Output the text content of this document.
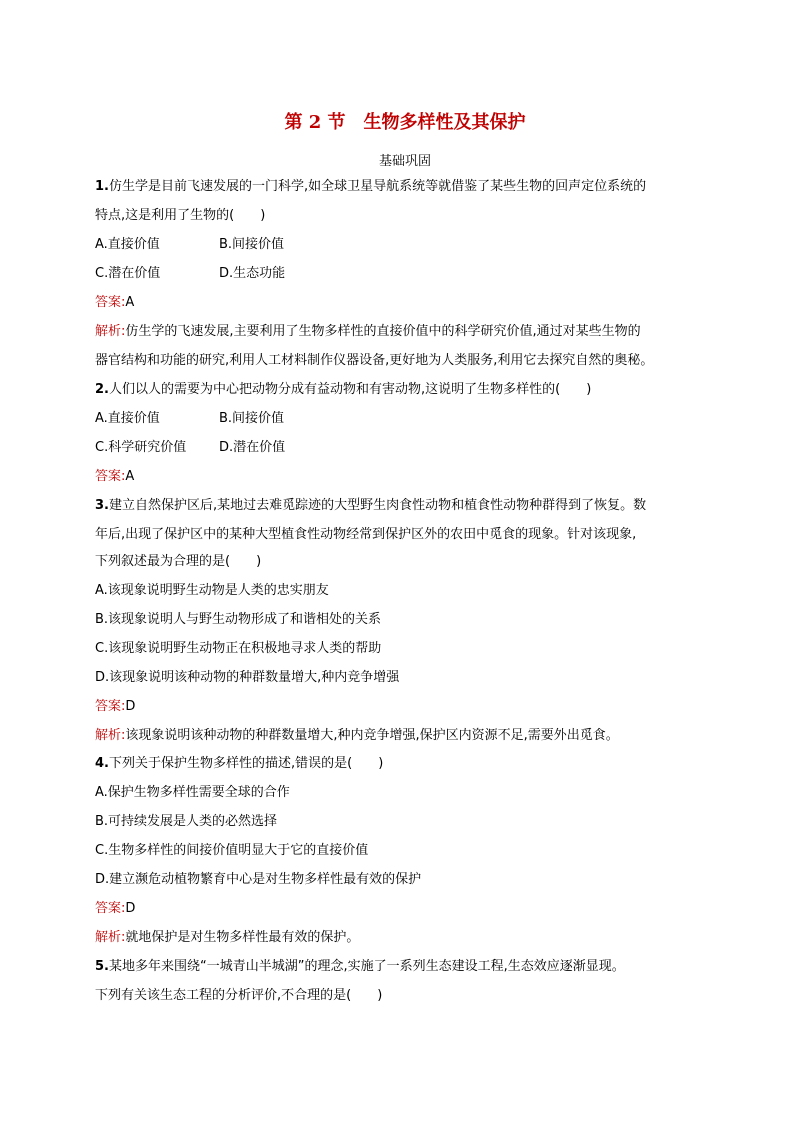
第 2 节　生物多样性及其保护
基础巩固
1.仿生学是目前飞速发展的一门科学,如全球卫星导航系统等就借鉴了某些生物的回声定位系统的
特点,这是利用了生物的(　　)
A.直接价值	B.间接价值
C.潜在价值	D.生态功能
答案:A
解析:仿生学的飞速发展,主要利用了生物多样性的直接价值中的科学研究价值,通过对某些生物的
器官结构和功能的研究,利用人工材料制作仪器设备,更好地为人类服务,利用它去探究自然的奥秘。
2.人们以人的需要为中心把动物分成有益动物和有害动物,这说明了生物多样性的(　　)
A.直接价值	B.间接价值
C.科学研究价值	D.潜在价值
答案:A
3.建立自然保护区后,某地过去难觅踪迹的大型野生肉食性动物和植食性动物种群得到了恢复。数
年后,出现了保护区中的某种大型植食性动物经常到保护区外的农田中觅食的现象。针对该现象,
下列叙述最为合理的是(　　)
A.该现象说明野生动物是人类的忠实朋友
B.该现象说明人与野生动物形成了和谐相处的关系
C.该现象说明野生动物正在积极地寻求人类的帮助
D.该现象说明该种动物的种群数量增大,种内竞争增强
答案:D
解析:该现象说明该种动物的种群数量增大,种内竞争增强,保护区内资源不足,需要外出觅食。
4.下列关于保护生物多样性的描述,错误的是(　　)
A.保护生物多样性需要全球的合作
B.可持续发展是人类的必然选择
C.生物多样性的间接价值明显大于它的直接价值
D.建立濒危动植物繁育中心是对生物多样性最有效的保护
答案:D
解析:就地保护是对生物多样性最有效的保护。
5.某地多年来围绕“一城青山半城湖”的理念,实施了一系列生态建设工程,生态效应逐渐显现。
下列有关该生态工程的分析评价,不合理的是(　　)
